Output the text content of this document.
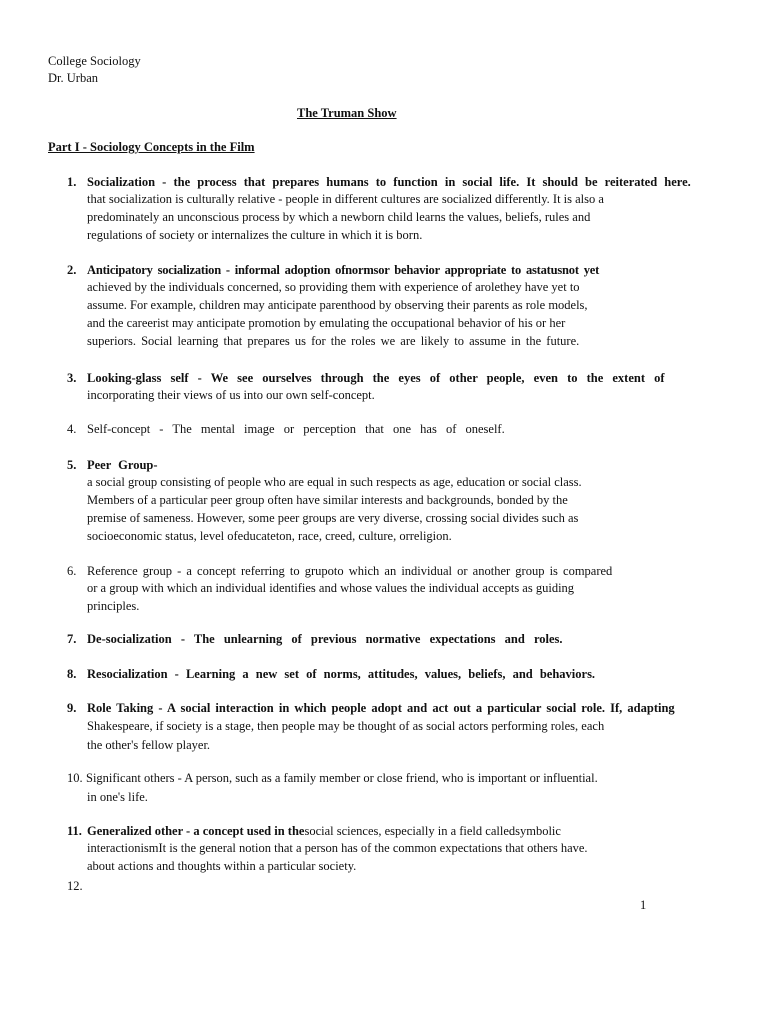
College Sociology
Dr. Urban
The Truman Show
Part I - Sociology Concepts in the Film
1. Socialization - the process that prepares humans to function in social life. It should be reiterated here.
that socialization is culturally relative - people in different cultures are socialized differently. It is also a
predominately an unconscious process by which a newborn child learns the values, beliefs, rules and
regulations of society or internalizes the culture in which it is born.
2. Anticipatory socialization - informal adoption ofnormsor behavior appropriate to astatusnot yet
achieved by the individuals concerned, so providing them with experience of arolethey have yet to
assume. For example, children may anticipate parenthood by observing their parents as role models,
and the careerist may anticipate promotion by emulating the occupational behavior of his or her
superiors. Social learning that prepares us for the roles we are likely to assume in the future.
3. Looking-glass self - We see ourselves through the eyes of other people, even to the extent of
incorporating their views of us into our own self-concept.
4. Self-concept - The mental image or perception that one has of oneself.
5. Peer Group-
a social group consisting of people who are equal in such respects as age, education or social class.
Members of a particular peer group often have similar interests and backgrounds, bonded by the
premise of sameness. However, some peer groups are very diverse, crossing social divides such as
socioeconomic status, level ofeducateton, race, creed, culture, orreligion.
6. Reference group - a concept referring to grupoto which an individual or another group is compared
or a group with which an individual identifies and whose values the individual accepts as guiding
principles.
7. De-socialization - The unlearning of previous normative expectations and roles.
8. Resocialization - Learning a new set of norms, attitudes, values, beliefs, and behaviors.
9. Role Taking - A social interaction in which people adopt and act out a particular social role. If, adapting
Shakespeare, if society is a stage, then people may be thought of as social actors performing roles, each
the other's fellow player.
10. Significant others - A person, such as a family member or close friend, who is important or influential.
in one's life.
11. Generalized other - a concept used in thesocial sciences, especially in a field calledsymbolic
interactionismIt is the general notion that a person has of the common expectations that others have.
about actions and thoughts within a particular society.
12.
1
